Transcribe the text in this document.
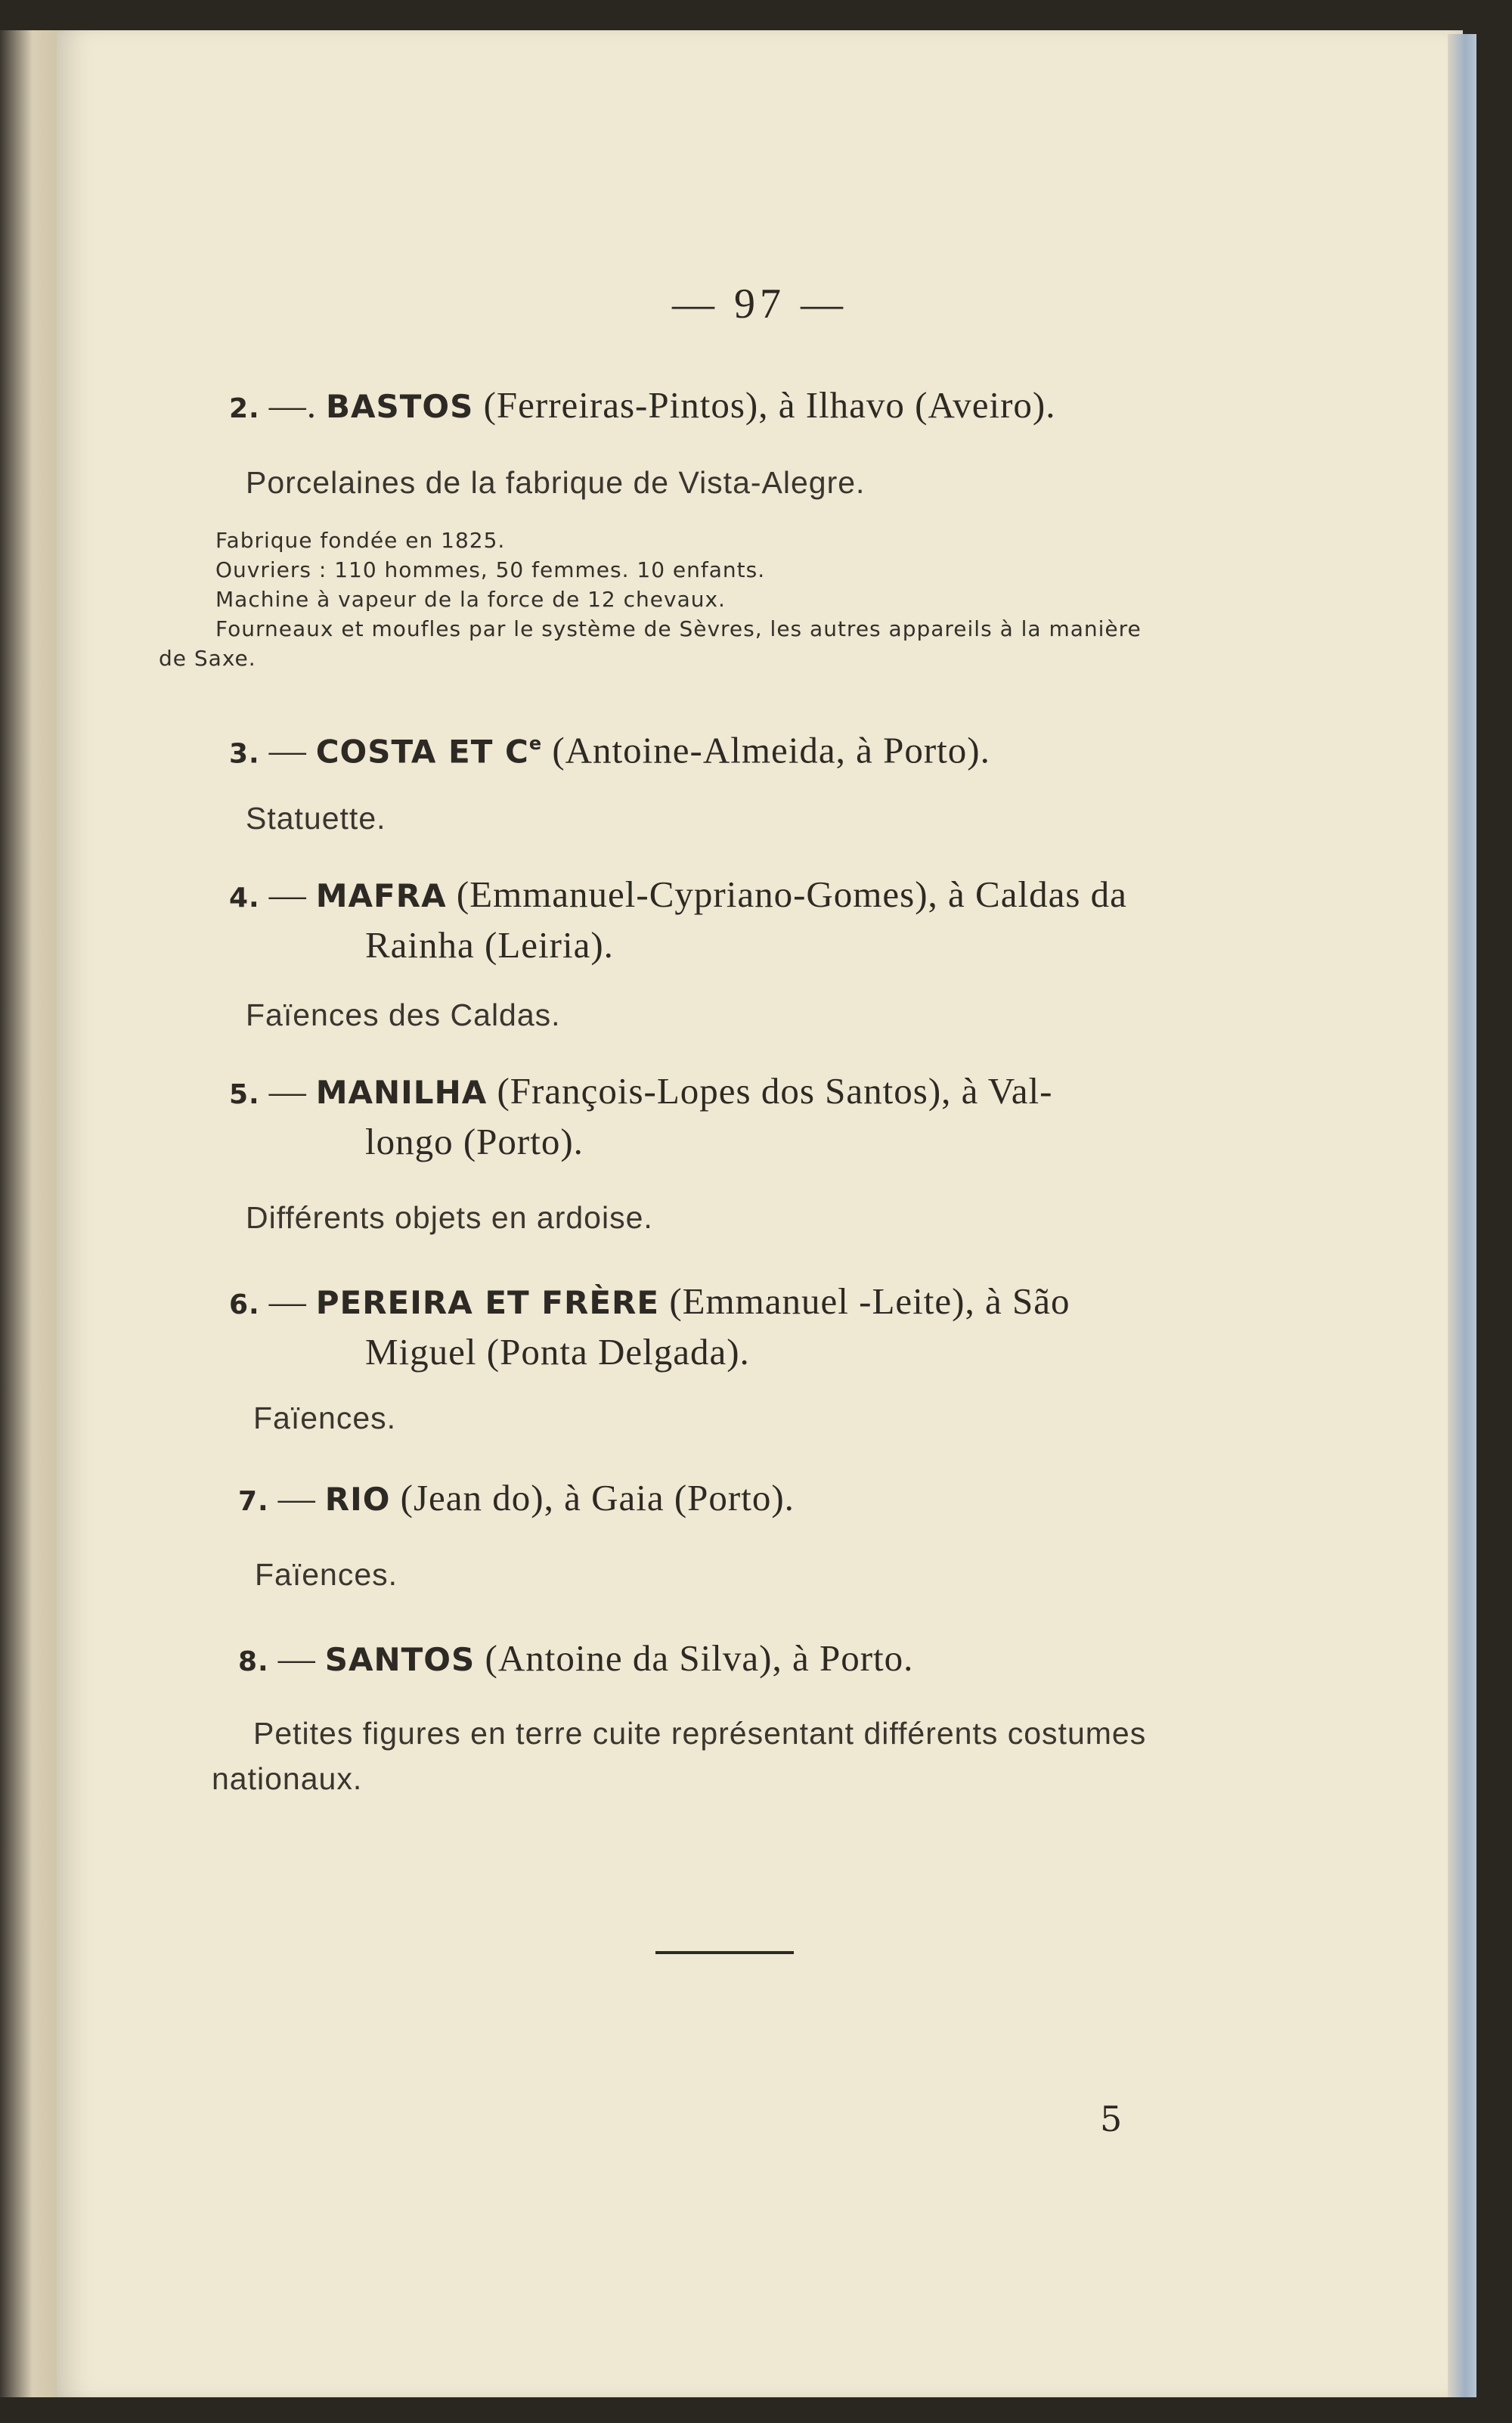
— 97 —
2. —. BASTOS (Ferreiras-Pintos), à Ilhavo (Aveiro).
Porcelaines de la fabrique de Vista-Alegre.
Fabrique fondée en 1825.
Ouvriers : 110 hommes, 50 femmes. 10 enfants.
Machine à vapeur de la force de 12 chevaux.
Fourneaux et moufles par le système de Sèvres, les autres appareils à la manière
de Saxe.
3. — COSTA ET Ce (Antoine-Almeida, à Porto).
Statuette.
4. — MAFRA (Emmanuel-Cypriano-Gomes), à Caldas da
Rainha (Leiria).
Faïences des Caldas.
5. — MANILHA (François-Lopes dos Santos), à Val-
longo (Porto).
Différents objets en ardoise.
6. — PEREIRA ET FRÈRE (Emmanuel -Leite), à São
Miguel (Ponta Delgada).
Faïences.
7. — RIO (Jean do), à Gaia (Porto).
Faïences.
8. — SANTOS (Antoine da Silva), à Porto.
Petites figures en terre cuite représentant différents costumes
nationaux.
5
